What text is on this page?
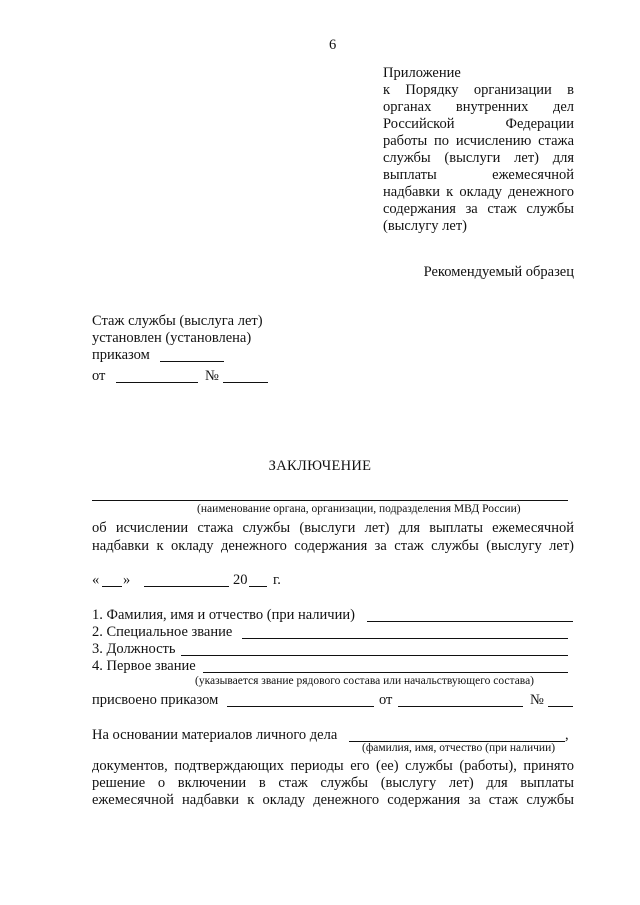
6
Приложение
к Порядку организации в
органах внутренних дел
Российской Федерации
работы по исчислению стажа
службы (выслуги лет) для
выплаты ежемесячной
надбавки к окладу денежного
содержания за стаж службы
(выслугу лет)
Рекомендуемый образец
Стаж службы (выслуга лет)
установлен (установлена)
приказом
от	№
ЗАКЛЮЧЕНИЕ
(наименование органа, организации, подразделения МВД России)
об исчислении стажа службы (выслуги лет) для выплаты ежемесячной
надбавки к окладу денежного содержания за стаж службы (выслугу лет)
« »	20 г.
1. Фамилия, имя и отчество (при наличии)
2. Специальное звание
3. Должность
4. Первое звание
(указывается звание рядового состава или начальствующего состава)
присвоено приказом	от	№
На основании материалов личного дела	,
(фамилия, имя, отчество (при наличии)
документов, подтверждающих периоды его (ее) службы (работы), принято
решение о включении в стаж службы (выслугу лет) для выплаты
ежемесячной надбавки к окладу денежного содержания за стаж службы
